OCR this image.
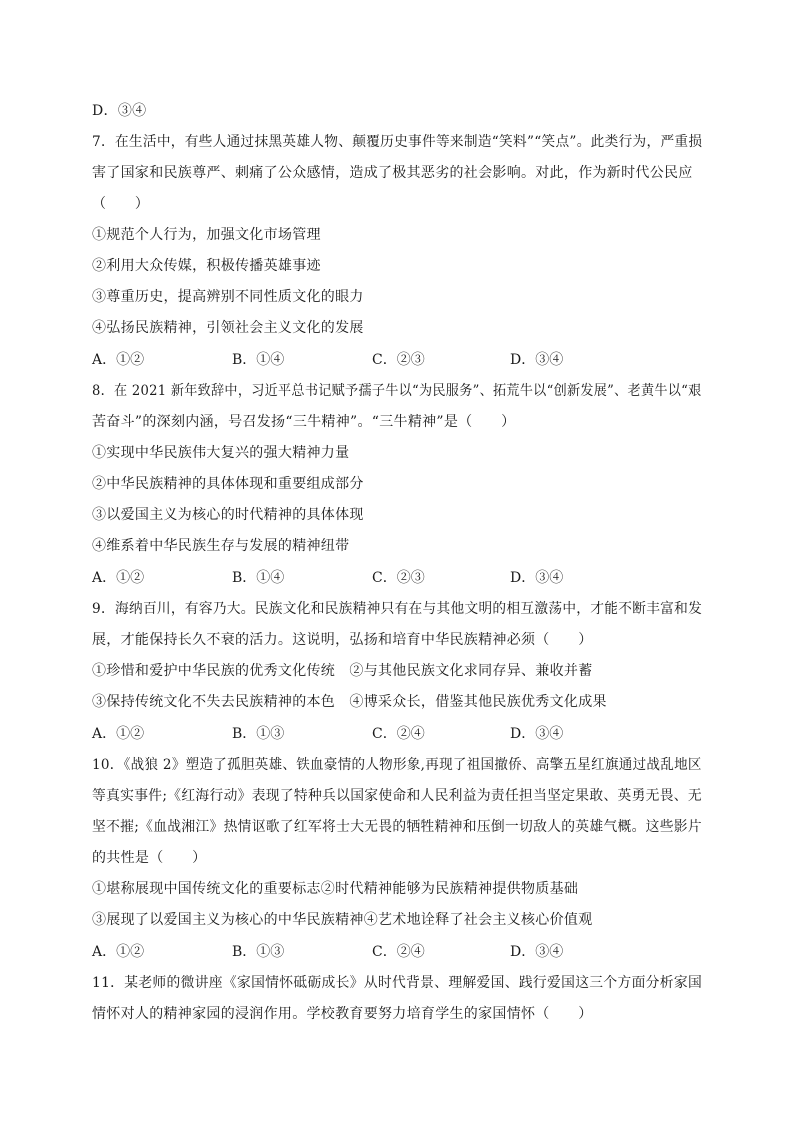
D．③④
7．在生活中，有些人通过抹黑英雄人物、颠覆历史事件等来制造“笑料”“笑点”。此类行为，严重损
害了国家和民族尊严、刺痛了公众感情，造成了极其恶劣的社会影响。对此，作为新时代公民应
（　　）
①规范个人行为，加强文化市场管理
②利用大众传媒，积极传播英雄事迹
③尊重历史，提高辨别不同性质文化的眼力
④弘扬民族精神，引领社会主义文化的发展
A．①②	B．①④	C．②③	D．③④
8．在 2021 新年致辞中，习近平总书记赋予孺子牛以“为民服务”、拓荒牛以“创新发展”、老黄牛以“艰
苦奋斗”的深刻内涵，号召发扬“三牛精神”。“三牛精神”是（　　）
①实现中华民族伟大复兴的强大精神力量
②中华民族精神的具体体现和重要组成部分
③以爱国主义为核心的时代精神的具体体现
④维系着中华民族生存与发展的精神纽带
A．①②	B．①④	C．②③	D．③④
9．海纳百川，有容乃大。民族文化和民族精神只有在与其他文明的相互激荡中，才能不断丰富和发
展，才能保持长久不衰的活力。这说明，弘扬和培育中华民族精神必须（　　）
①珍惜和爱护中华民族的优秀文化传统　②与其他民族文化求同存异、兼收并蓄
③保持传统文化不失去民族精神的本色　④博采众长，借鉴其他民族优秀文化成果
A．①②	B．①③	C．②④	D．③④
10．《战狼 2》塑造了孤胆英雄、铁血豪情的人物形象,再现了祖国撤侨、高擎五星红旗通过战乱地区
等真实事件;《红海行动》表现了特种兵以国家使命和人民利益为责任担当坚定果敢、英勇无畏、无
坚不摧;《血战湘江》热情讴歌了红军将士大无畏的牺牲精神和压倒一切敌人的英雄气概。这些影片
的共性是（　　）
①堪称展现中国传统文化的重要标志②时代精神能够为民族精神提供物质基础
③展现了以爱国主义为核心的中华民族精神④艺术地诠释了社会主义核心价值观
A．①②	B．①③	C．②④	D．③④
11．某老师的微讲座《家国情怀砥砺成长》从时代背景、理解爱国、践行爱国这三个方面分析家国
情怀对人的精神家园的浸润作用。学校教育要努力培育学生的家国情怀（　　）
